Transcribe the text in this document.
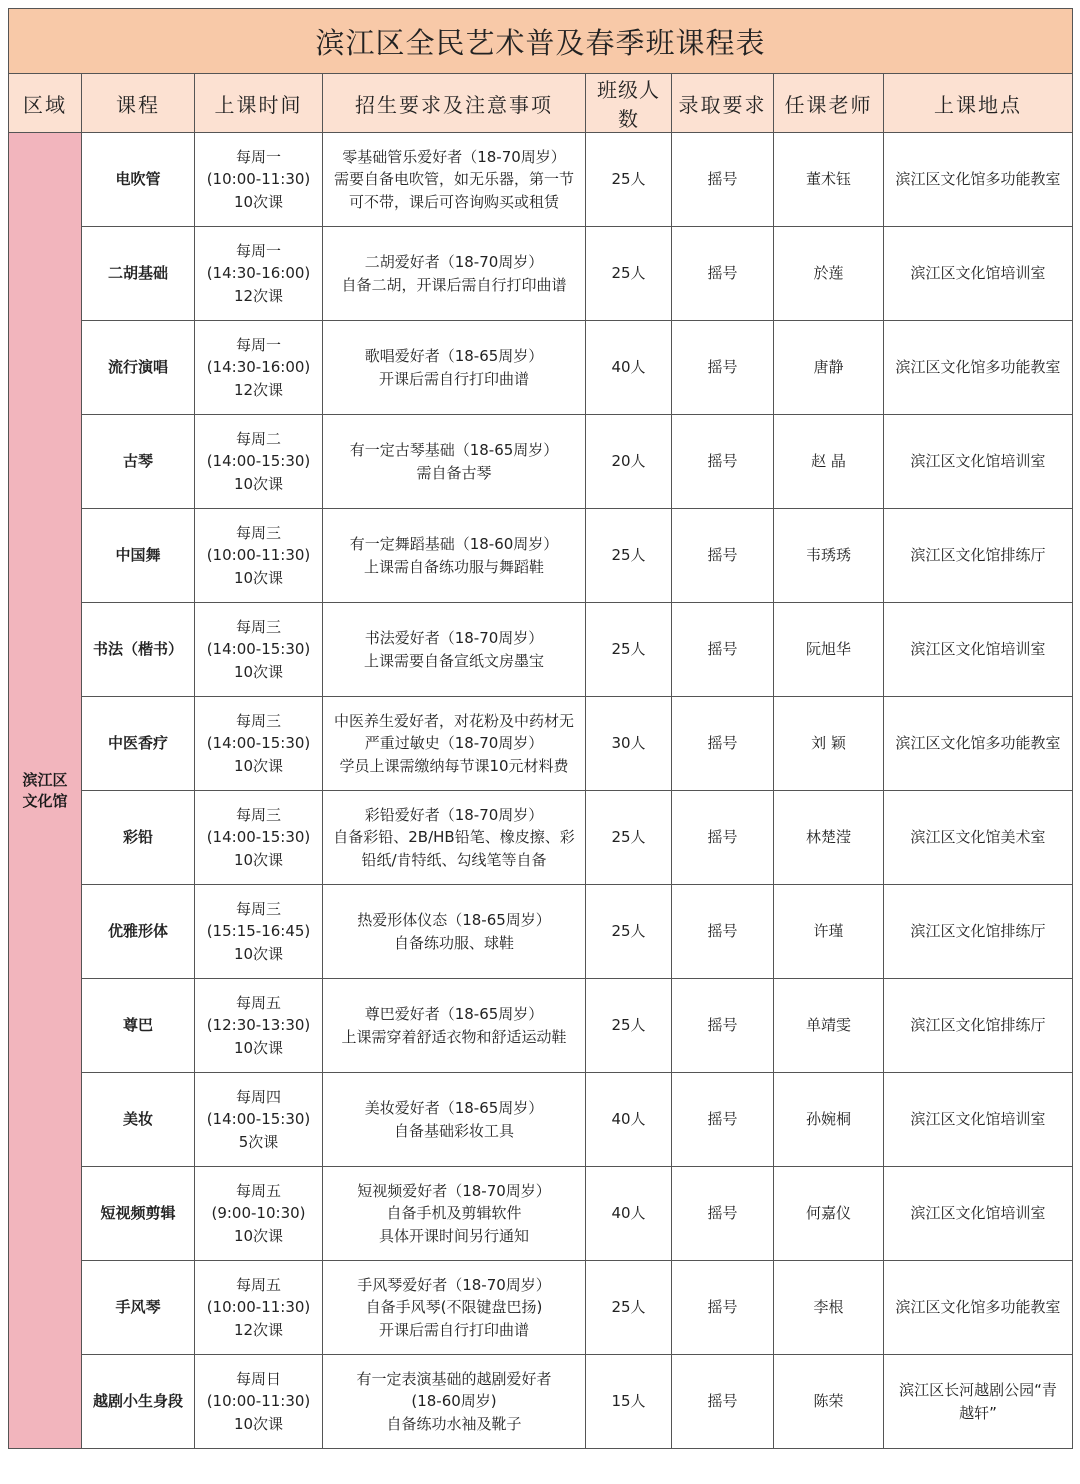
滨江区全民艺术普及春季班课程表							
区域	课程	上课时间	招生要求及注意事项	班级人数	录取要求	任课老师	上课地点

滨江区
文化馆	电吹管	每周一
(10:00-11:30)
10次课	零基础管乐爱好者（18-70周岁）
需要自备电吹管，如无乐器，第一节
可不带，课后可咨询购买或租赁	25人	摇号	董术钰	滨江区文化馆多功能教室

	二胡基础	每周一
(14:30-16:00)
12次课	二胡爱好者（18-70周岁）
自备二胡，开课后需自行打印曲谱	25人	摇号	於莲	滨江区文化馆培训室

	流行演唱	每周一
(14:30-16:00)
12次课	歌唱爱好者（18-65周岁）
开课后需自行打印曲谱	40人	摇号	唐静	滨江区文化馆多功能教室

	古琴	每周二
(14:00-15:30)
10次课	有一定古琴基础（18-65周岁）
需自备古琴	20人	摇号	赵 晶	滨江区文化馆培训室

	中国舞	每周三
(10:00-11:30)
10次课	有一定舞蹈基础（18-60周岁）
上课需自备练功服与舞蹈鞋	25人	摇号	韦琇琇	滨江区文化馆排练厅

	书法（楷书）	每周三
(14:00-15:30)
10次课	书法爱好者（18-70周岁）
上课需要自备宣纸文房墨宝	25人	摇号	阮旭华	滨江区文化馆培训室

	中医香疗	每周三
(14:00-15:30)
10次课	中医养生爱好者，对花粉及中药材无
严重过敏史（18-70周岁）
学员上课需缴纳每节课10元材料费	30人	摇号	刘 颖	滨江区文化馆多功能教室

	彩铅	每周三
(14:00-15:30)
10次课	彩铅爱好者（18-70周岁）
自备彩铅、2B/HB铅笔、橡皮擦、彩
铅纸/肯特纸、勾线笔等自备	25人	摇号	林楚滢	滨江区文化馆美术室

	优雅形体	每周三
(15:15-16:45)
10次课	热爱形体仪态（18-65周岁）
自备练功服、球鞋	25人	摇号	许瑾	滨江区文化馆排练厅

	尊巴	每周五
(12:30-13:30)
10次课	尊巴爱好者（18-65周岁）
上课需穿着舒适衣物和舒适运动鞋	25人	摇号	单靖雯	滨江区文化馆排练厅

	美妆	每周四
(14:00-15:30)
5次课	美妆爱好者（18-65周岁）
自备基础彩妆工具	40人	摇号	孙婉桐	滨江区文化馆培训室

	短视频剪辑	每周五
(9:00-10:30)
10次课	短视频爱好者（18-70周岁）
自备手机及剪辑软件
具体开课时间另行通知	40人	摇号	何嘉仪	滨江区文化馆培训室

	手风琴	每周五
(10:00-11:30)
12次课	手风琴爱好者（18-70周岁）
自备手风琴(不限键盘巴扬)
开课后需自行打印曲谱	25人	摇号	李根	滨江区文化馆多功能教室

	越剧小生身段	每周日
(10:00-11:30)
10次课	有一定表演基础的越剧爱好者
(18-60周岁)
自备练功水袖及靴子	15人	摇号	陈荣	滨江区长河越剧公园“青
越轩”
